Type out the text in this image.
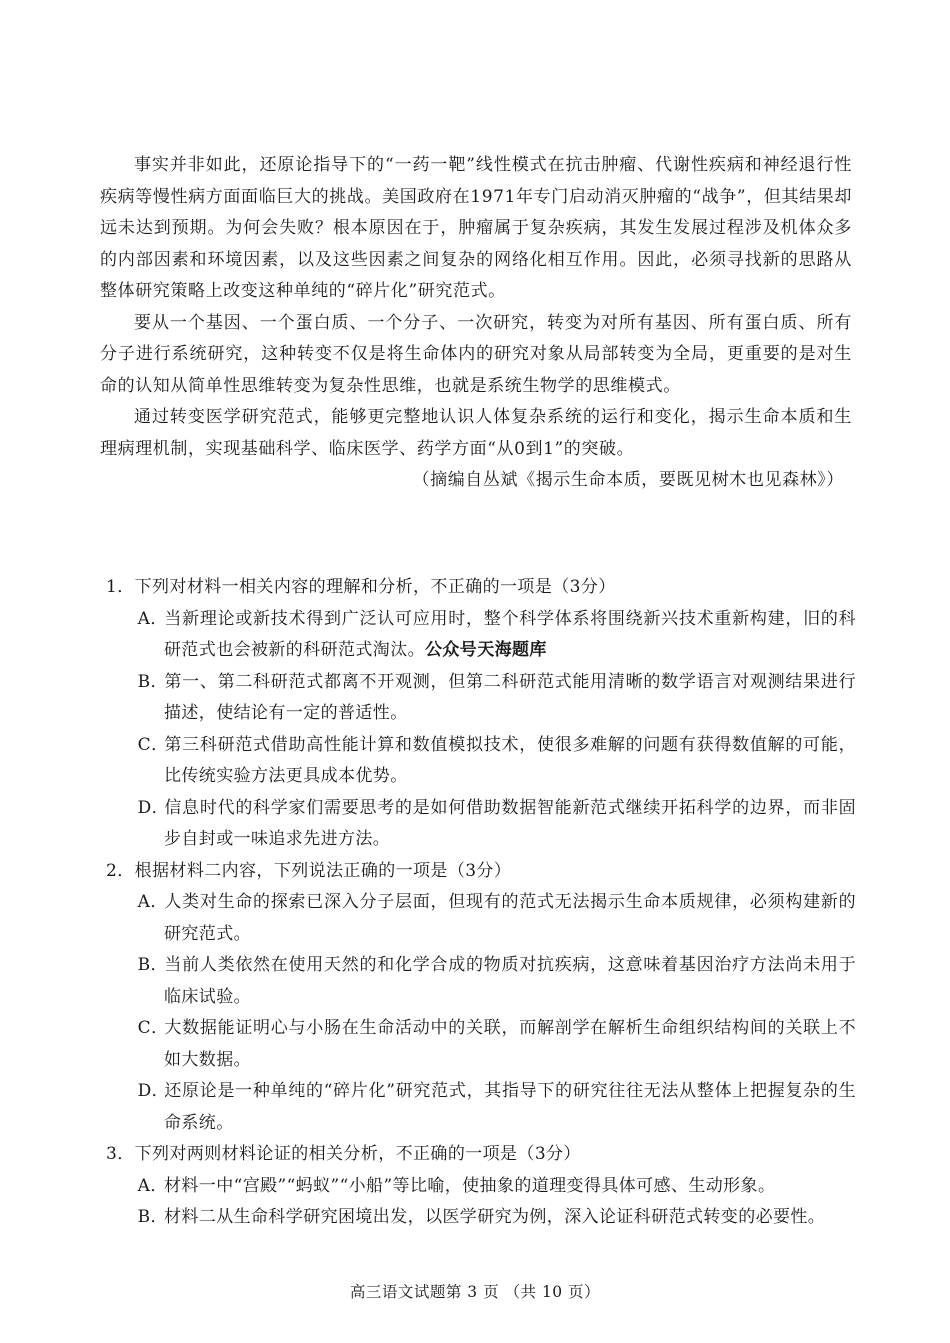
事实并非如此，还原论指导下的“一药一靶”线性模式在抗击肿瘤、代谢性疾病和神经退行性疾病等慢性病方面面临巨大的挑战。美国政府在1971年专门启动消灭肿瘤的“战争”，但其结果却远未达到预期。为何会失败？根本原因在于，肿瘤属于复杂疾病，其发生发展过程涉及机体众多的内部因素和环境因素，以及这些因素之间复杂的网络化相互作用。因此，必须寻找新的思路从整体研究策略上改变这种单纯的“碎片化”研究范式。

要从一个基因、一个蛋白质、一个分子、一次研究，转变为对所有基因、所有蛋白质、所有分子进行系统研究，这种转变不仅是将生命体内的研究对象从局部转变为全局，更重要的是对生命的认知从简单性思维转变为复杂性思维，也就是系统生物学的思维模式。

通过转变医学研究范式，能够更完整地认识人体复杂系统的运行和变化，揭示生命本质和生理病理机制，实现基础科学、临床医学、药学方面“从0到1”的突破。

（摘编自丛斌《揭示生命本质，要既见树木也见森林》）

1．下列对材料一相关内容的理解和分析，不正确的一项是（3分）

A．当新理论或新技术得到广泛认可应用时，整个科学体系将围绕新兴技术重新构建，旧的科研范式也会被新的科研范式淘汰。公众号天海题库

B．第一、第二科研范式都离不开观测，但第二科研范式能用清晰的数学语言对观测结果进行描述，使结论有一定的普适性。

C．第三科研范式借助高性能计算和数值模拟技术，使很多难解的问题有获得数值解的可能，比传统实验方法更具成本优势。

D．信息时代的科学家们需要思考的是如何借助数据智能新范式继续开拓科学的边界，而非固步自封或一味追求先进方法。

2．根据材料二内容，下列说法正确的一项是（3分）

A．人类对生命的探索已深入分子层面，但现有的范式无法揭示生命本质规律，必须构建新的研究范式。

B．当前人类依然在使用天然的和化学合成的物质对抗疾病，这意味着基因治疗方法尚未用于临床试验。

C．大数据能证明心与小肠在生命活动中的关联，而解剖学在解析生命组织结构间的关联上不如大数据。

D．还原论是一种单纯的“碎片化”研究范式，其指导下的研究往往无法从整体上把握复杂的生命系统。

3．下列对两则材料论证的相关分析，不正确的一项是（3分）

A．材料一中“宫殿”“蚂蚁”“小船”等比喻，使抽象的道理变得具体可感、生动形象。

B．材料二从生命科学研究困境出发，以医学研究为例，深入论证科研范式转变的必要性。

高三语文试题第 3 页 （共 10 页）
